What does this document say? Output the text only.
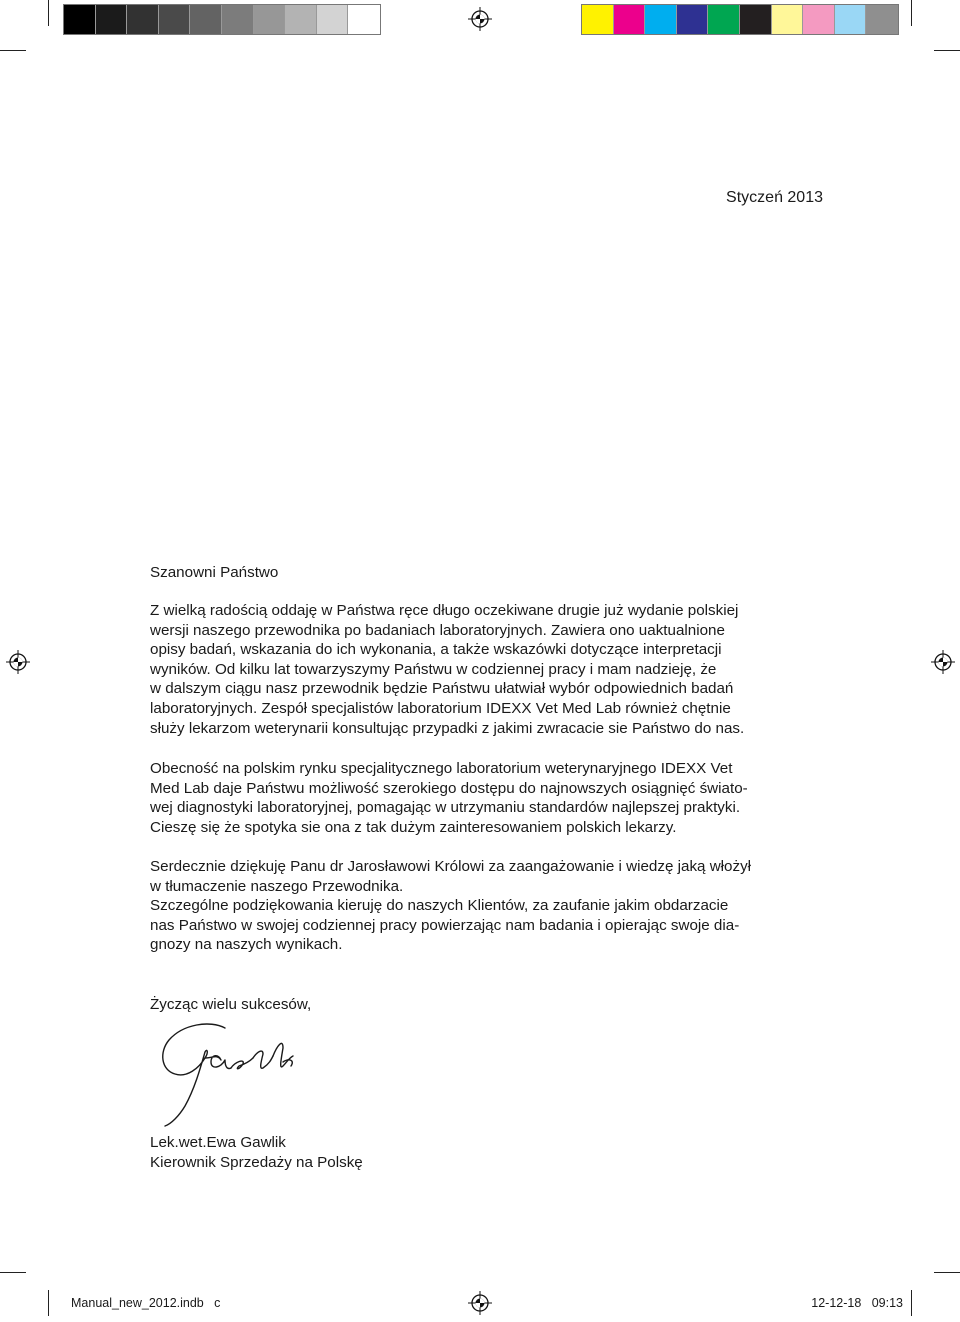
Styczeń 2013
Szanowni Państwo
Z wielką radością oddaję w Państwa ręce długo oczekiwane drugie już wydanie polskiej
wersji naszego przewodnika po badaniach laboratoryjnych. Zawiera ono uaktualnione
opisy badań, wskazania do ich wykonania, a także wskazówki dotyczące interpretacji
wyników. Od kilku lat towarzyszymy Państwu w codziennej pracy i mam nadzieję, że
w dalszym ciągu nasz przewodnik będzie Państwu ułatwiał wybór odpowiednich badań
laboratoryjnych. Zespół specjalistów laboratorium IDEXX Vet Med Lab również chętnie
służy lekarzom weterynarii konsultując przypadki z jakimi zwracacie sie Państwo do nas.
Obecność na polskim rynku specjalitycznego laboratorium weterynaryjnego IDEXX Vet
Med Lab daje Państwu możliwość szerokiego dostępu do najnowszych osiągnięć świato-
wej diagnostyki laboratoryjnej, pomagając w utrzymaniu standardów najlepszej praktyki.
Cieszę się że spotyka sie ona z tak dużym zainteresowaniem polskich lekarzy.
Serdecznie dziękuję Panu dr Jarosławowi Królowi za zaangażowanie i wiedzę jaką włożył
w tłumaczenie naszego Przewodnika.
Szczególne podziękowania kieruję do naszych Klientów, za zaufanie jakim obdarzacie
nas Państwo w swojej codziennej pracy powierzając nam badania i opierając swoje dia-
gnozy na naszych wynikach.
Życząc wielu sukcesów,
Lek.wet.Ewa Gawlik
Kierownik Sprzedaży na Polskę
Manual_new_2012.indb   c	12-12-18   09:13
